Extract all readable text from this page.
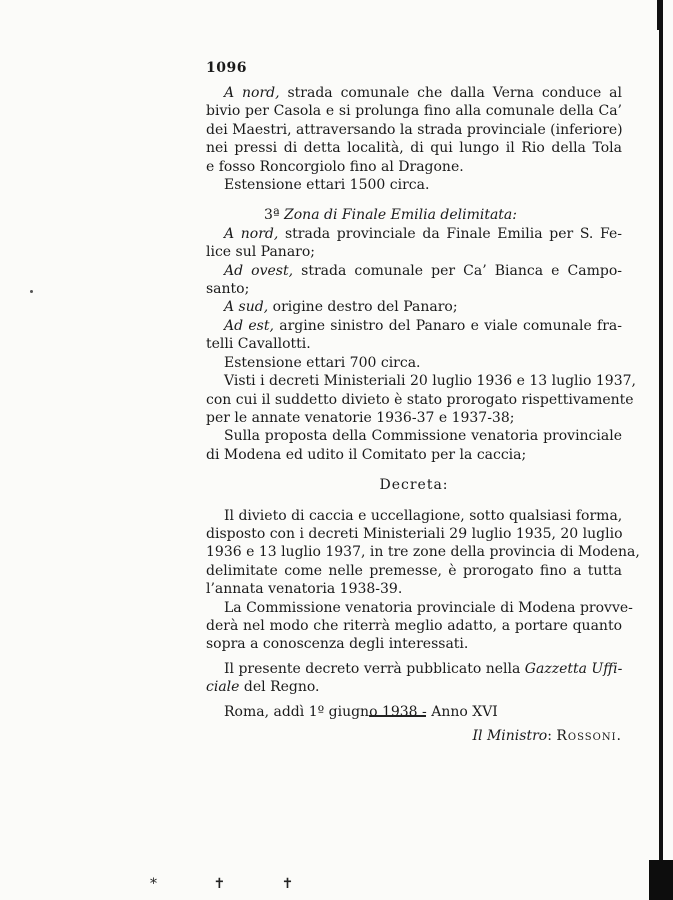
1096
A nord, strada comunale che dalla Verna conduce al
bivio per Casola e si prolunga fino alla comunale della Ca’
dei Maestri, attraversando la strada provinciale (inferiore)
nei pressi di detta località, di qui lungo il Rio della Tola
e fosso Roncorgiolo fino al Dragone.
Estensione ettari 1500 circa.
3ª Zona di Finale Emilia delimitata:
A nord, strada provinciale da Finale Emilia per S. Fe-
lice sul Panaro;
Ad ovest, strada comunale per Ca’ Bianca e Campo-
santo;
A sud, origine destro del Panaro;
Ad est, argine sinistro del Panaro e viale comunale fra-
telli Cavallotti.
Estensione ettari 700 circa.
Visti i decreti Ministeriali 20 luglio 1936 e 13 luglio 1937,
con cui il suddetto divieto è stato prorogato rispettivamente
per le annate venatorie 1936-37 e 1937-38;
Sulla proposta della Commissione venatoria provinciale
di Modena ed udito il Comitato per la caccia;
Decreta:
Il divieto di caccia e uccellagione, sotto qualsiasi forma,
disposto con i decreti Ministeriali 29 luglio 1935, 20 luglio
1936 e 13 luglio 1937, in tre zone della provincia di Modena,
delimitate come nelle premesse, è prorogato fino a tutta
l’annata venatoria 1938-39.
La Commissione venatoria provinciale di Modena provve-
derà nel modo che riterrà meglio adatto, a portare quanto
sopra a conoscenza degli interessati.
Il presente decreto verrà pubblicato nella Gazzetta Uffi-
ciale del Regno.
Roma, addì 1º giugno 1938 - Anno XVI
Il Ministro: Rossoni.
* ✝ ✝
